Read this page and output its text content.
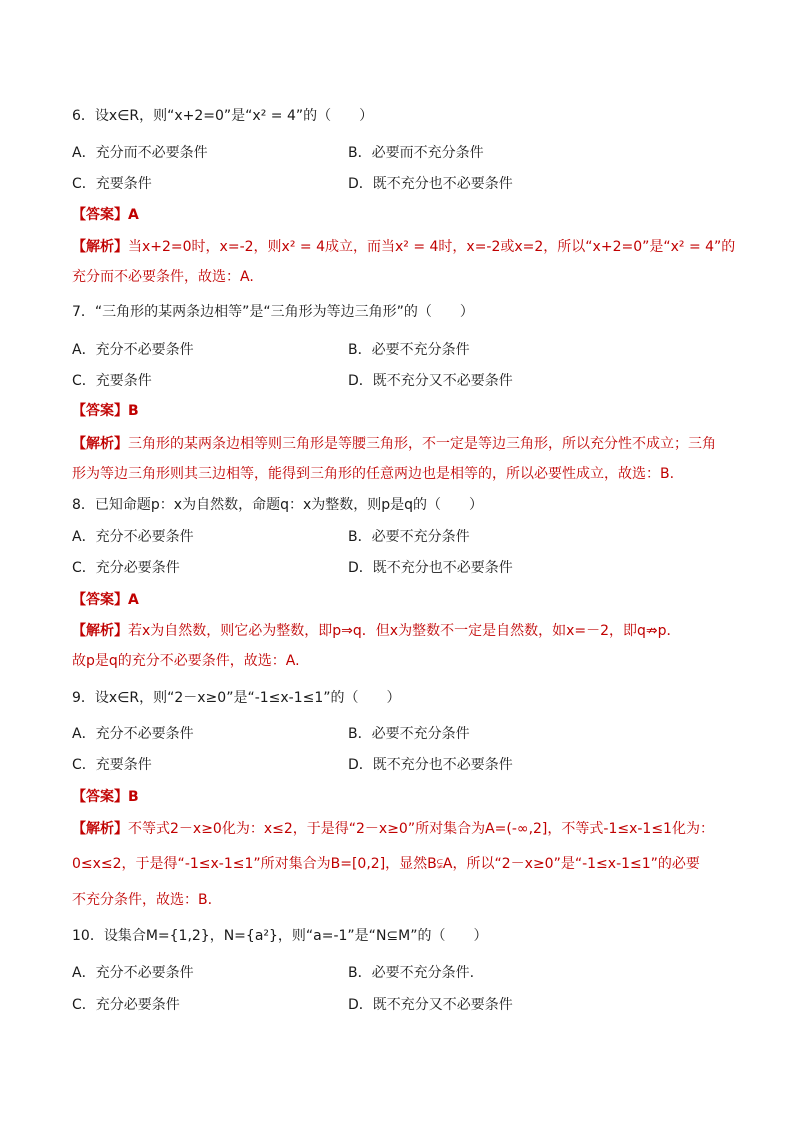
6．设x∈R，则“x+2=0”是“x² = 4”的（　　）
A．充分而不必要条件	B．必要而不充分条件
C．充要条件	D．既不充分也不必要条件
【答案】A
【解析】当x+2=0时，x=-2，则x² = 4成立，而当x² = 4时，x=-2或x=2，所以“x+2=0”是“x² = 4”的
充分而不必要条件，故选：A.
7．“三角形的某两条边相等”是“三角形为等边三角形”的（　　）
A．充分不必要条件	B．必要不充分条件
C．充要条件	D．既不充分又不必要条件
【答案】B
【解析】三角形的某两条边相等则三角形是等腰三角形，不一定是等边三角形，所以充分性不成立；三角
形为等边三角形则其三边相等，能得到三角形的任意两边也是相等的，所以必要性成立，故选：B.
8．已知命题p：x为自然数，命题q：x为整数，则p是q的（　　）
A．充分不必要条件	B．必要不充分条件
C．充分必要条件	D．既不充分也不必要条件
【答案】A
【解析】若x为自然数，则它必为整数，即p⇒q．但x为整数不一定是自然数，如x=－2，即q⇏p．
故p是q的充分不必要条件，故选：A.
9．设x∈R，则“2－x≥0”是“-1≤x-1≤1”的（　　）
A．充分不必要条件	B．必要不充分条件
C．充要条件	D．既不充分也不必要条件
【答案】B
【解析】不等式2－x≥0化为：x≤2，于是得“2－x≥0”所对集合为A=(-∞,2]，不等式-1≤x-1≤1化为：
0≤x≤2，于是得“-1≤x-1≤1”所对集合为B=[0,2]，显然B⫋A，所以“2－x≥0”是“-1≤x-1≤1”的必要
不充分条件，故选：B.
10．设集合M={1,2}，N={a²}，则“a=-1”是“N⊆M”的（　　）
A．充分不必要条件	B．必要不充分条件.
C．充分必要条件	D．既不充分又不必要条件
